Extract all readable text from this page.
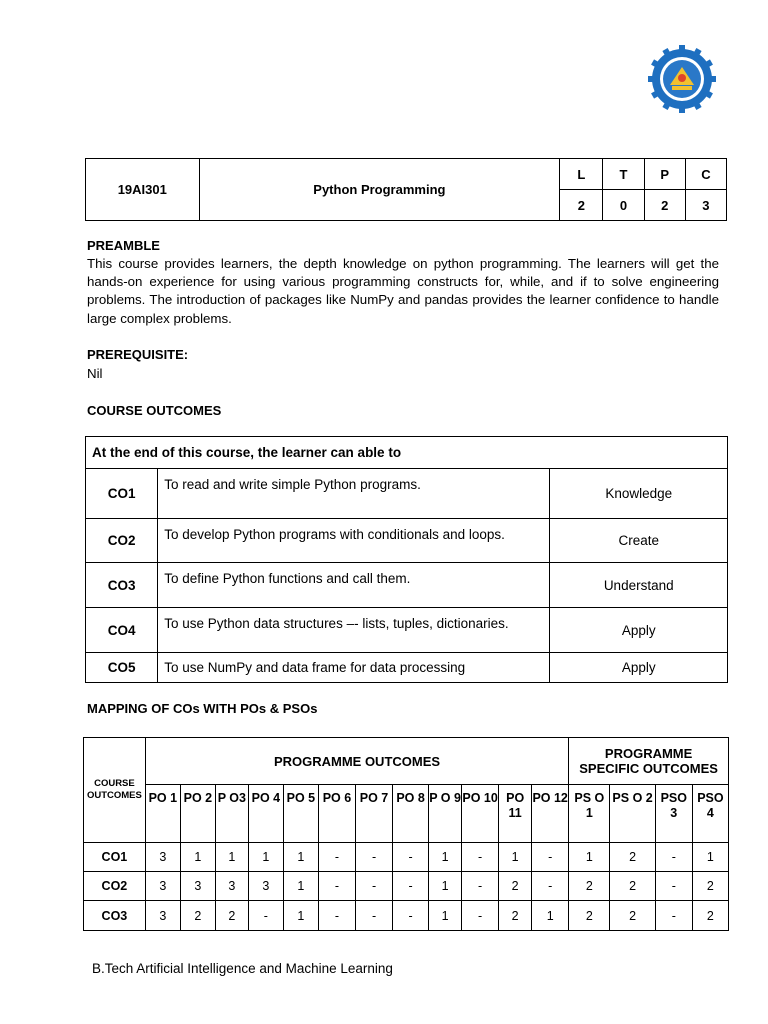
19AI301	Python Programming	L	T	P	C
		2	0	2	3
PREAMBLE
This course provides learners, the depth knowledge on python programming. The learners will get the hands-on experience for using various programming constructs for, while, and if to solve engineering problems. The introduction of packages like NumPy and pandas provides the learner confidence to handle large complex problems.
PREREQUISITE:
Nil
COURSE OUTCOMES
At the end of this course, the learner can able to		
CO1	To read and write simple Python programs.	Knowledge
CO2	To develop Python programs with conditionals and loops.	Create
CO3	To define Python functions and call them.	Understand
CO4	To use Python data structures –- lists, tuples, dictionaries.	Apply
CO5	To use NumPy and data frame for data processing	Apply
MAPPING OF COs WITH POs & PSOs
COURSE OUTCOMES	PROGRAMME OUTCOMES												PROGRAMME SPECIFIC OUTCOMES			
	PO 1	PO 2	P O3	PO 4	PO 5	PO 6	PO 7	PO 8	P O 9	PO 10	PO 11	PO 12	PS O 1	PS O 2	PSO 3	PSO 4
CO1	3	1	1	1	1	-	-	-	1	-	1	-	1	2	-	1
CO2	3	3	3	3	1	-	-	-	1	-	2	-	2	2	-	2
CO3	3	2	2	-	1	-	-	-	1	-	2	1	2	2	-	2
B.Tech Artificial Intelligence and Machine Learning
